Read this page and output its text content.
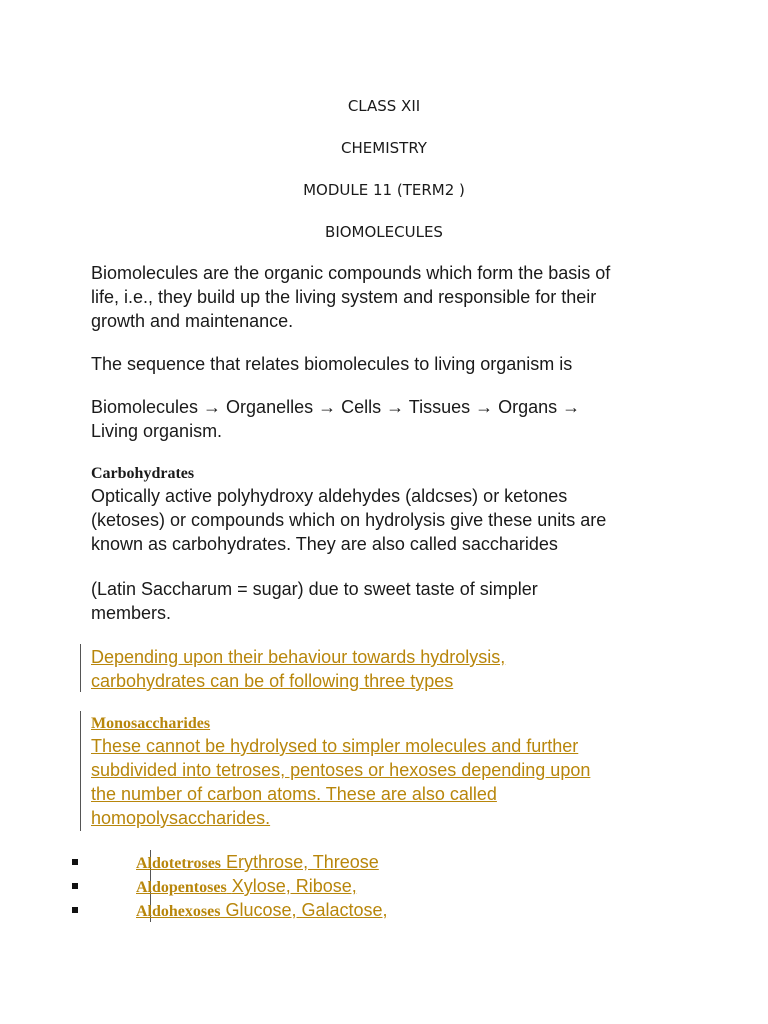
CLASS XII
CHEMISTRY
MODULE 11 (TERM2 )
BIOMOLECULES
Biomolecules are the organic compounds which form the basis of
life, i.e., they build up the living system and responsible for their
growth and maintenance.
The sequence that relates biomolecules to living organism is
Biomolecules → Organelles → Cells → Tissues → Organs →
Living organism.
Carbohydrates
Optically active polyhydroxy aldehydes (aldcses) or ketones
(ketoses) or compounds which on hydrolysis give these units are
known as carbohydrates. They are also called saccharides
(Latin Saccharum = sugar) due to sweet taste of simpler
members.
Depending upon their behaviour towards hydrolysis,
carbohydrates can be of following three types
Monosaccharides
These cannot be hydrolysed to simpler molecules and further
subdivided into tetroses, pentoses or hexoses depending upon
the number of carbon atoms. These are also called
homopolysaccharides.
Aldotetroses Erythrose, Threose
Aldopentoses Xylose, Ribose,
Aldohexoses Glucose, Galactose,
